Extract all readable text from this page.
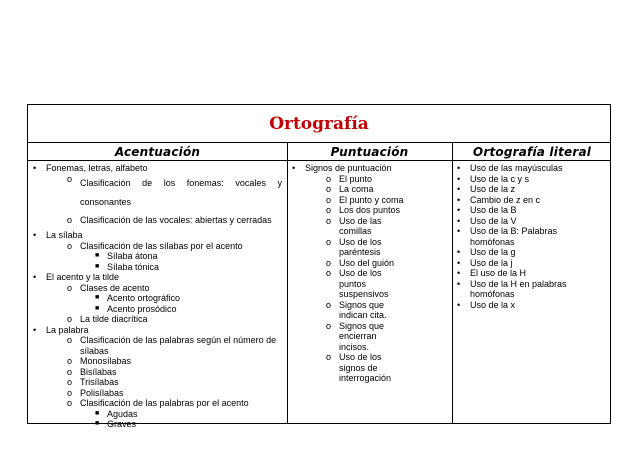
Ortografía
Acentuación	Puntuación	Ortografía literal
• Fonemas, letras, alfabeto
o Clasificación de los fonemas: vocales y consonantes
o Clasificación de las vocales: abiertas y cerradas
• La sílaba
o Clasificación de las sílabas por el acento
■ Sílaba átona
■ Sílaba tónica
• El acento y la tilde
o Clases de acento
■ Acento ortográfico
■ Acento prosódico
o La tilde diacrítica
• La palabra
o Clasificación de las palabras según el número de sílabas
o Monosílabas
o Bisílabas
o Trisílabas
o Polisílabas
o Clasificación de las palabras por el acento
■ Agudas
■ Graves
• Signos de puntuación
o El punto
o La coma
o El punto y coma
o Los dos puntos
o Uso de las comillas
o Uso de los paréntesis
o Uso del guión
o Uso de los puntos suspensivos
o Signos que indican cita.
o Signos que encierran incisos.
o Uso de los signos de interrogación
• Uso de las mayúsculas
• Uso de la c y s
• Uso de la z
• Cambio de z en c
• Uso de la B
• Uso de la V
• Uso de la B: Palabras homófonas
• Uso de la g
• Uso de la j
• El uso de la H
• Uso de la H en palabras homófonas
• Uso de la x
